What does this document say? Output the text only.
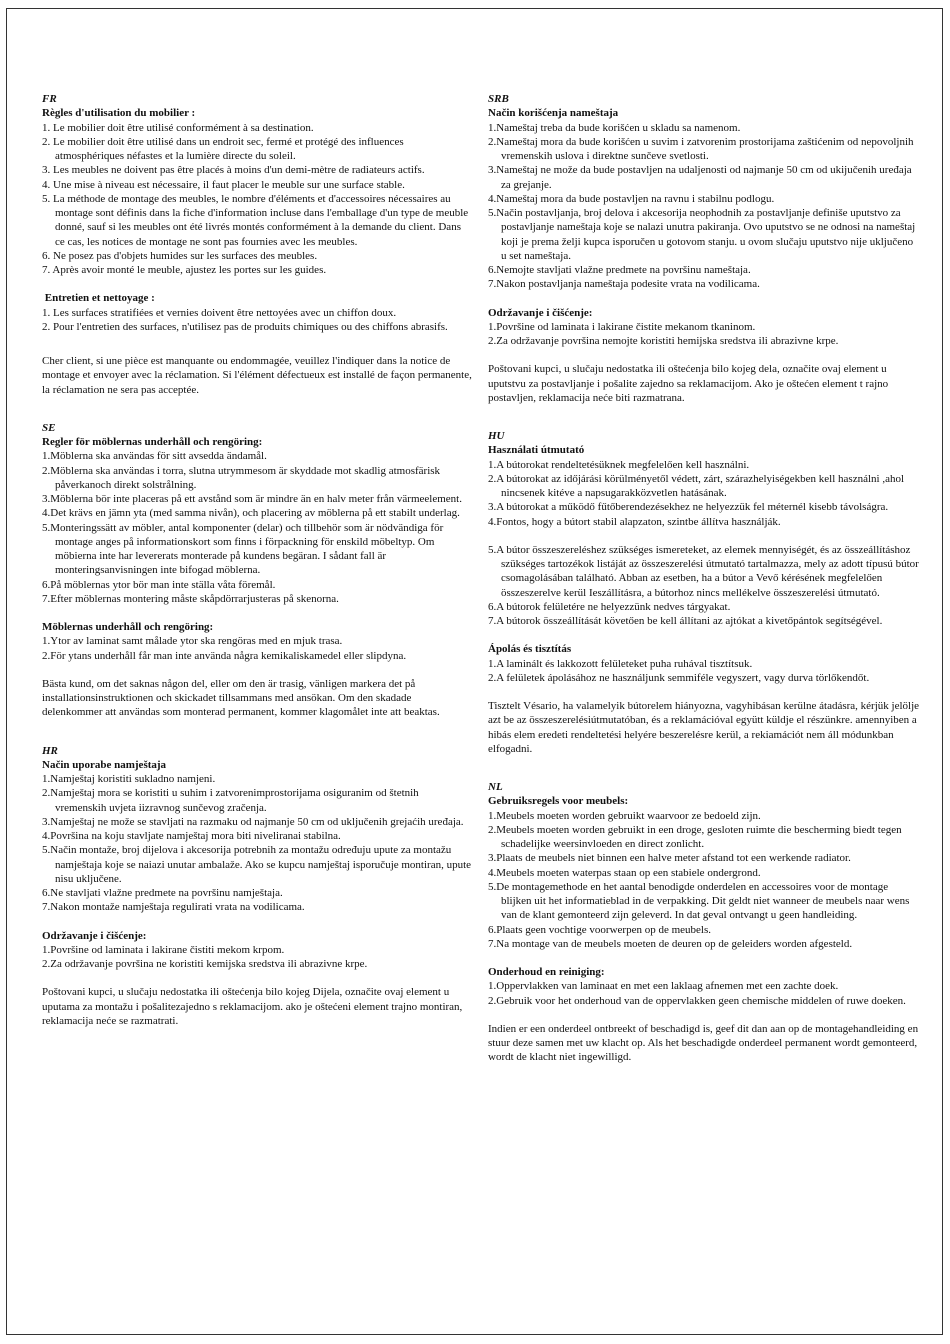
FR
Règles d'utilisation du mobilier :

1. Le mobilier doit être utilisé conformément à sa destination.

2. Le mobilier doit être utilisé dans un endroit sec, fermé et protégé des influences atmosphériques néfastes et la lumière directe du soleil.

3. Les meubles ne doivent pas être placés à moins d'un demi-mètre de radiateurs actifs.

4. Une mise à niveau est nécessaire, il faut placer le meuble sur une surface stable.

5. La méthode de montage des meubles, le nombre d'éléments et d'accessoires nécessaires au montage sont définis dans la fiche d'information incluse dans l'emballage d'un type de meuble donné, sauf si les meubles ont été livrés montés conformément à la demande du client. Dans ce cas, les notices de montage ne sont pas fournies avec les meubles.

6. Ne posez pas d'objets humides sur les surfaces des meubles.

7. Après avoir monté le meuble, ajustez les portes sur les guides.

Entretien et nettoyage :

1. Les surfaces stratifiées et vernies doivent être nettoyées avec un chiffon doux.

2. Pour l'entretien des surfaces, n'utilisez pas de produits chimiques ou des chiffons abrasifs.

Cher client, si une pièce est manquante ou endommagée, veuillez l'indiquer dans la notice de montage et envoyer avec la réclamation. Si l'élément défectueux est installé de façon permanente, la réclamation ne sera pas acceptée.

SE
Regler för möblernas underhåll och rengöring:

1.Möblerna ska användas för sitt avsedda ändamål.

2.Möblerna ska användas i torra, slutna utrymmesom är skyddade mot skadlig atmosfärisk påverkanoch direkt solstrålning.

3.Möblerna bör inte placeras på ett avstånd som är mindre än en halv meter från värmeelement.

4.Det krävs en jämn yta (med samma nivån), och placering av möblerna på ett stabilt underlag.

5.Monteringssätt av möbler, antal komponenter (delar) och tillbehör som är nödvändiga för montage anges på informationskort som finns i förpackning för enskild möbeltyp. Om möbierna inte har levererats monterade på kundens begäran. I sådant fall är monteringsanvisningen inte bifogad möblerna.

6.På möblernas ytor bör man inte ställa våta föremål.

7.Efter möblernas montering måste skåpdörrarjusteras på skenorna.

Möblernas underhåll och rengöring:

1.Ytor av laminat samt målade ytor ska rengöras med en mjuk trasa.

2.För ytans underhåll får man inte använda några kemikaliskamedel eller slipdyna.

Bästa kund, om det saknas någon del, eller om den är trasig, vänligen markera det på installationsinstruktionen och skickadet tillsammans med ansökan. Om den skadade delenkommer att användas som monterad permanent, kommer klagomålet inte att beaktas.

HR
Način uporabe namještaja

1.Namještaj koristiti sukladno namjeni.

2.Namještaj mora se koristiti u suhim i zatvorenimprostorijama osiguranim od štetnih vremenskih uvjeta iizravnog sunčevog zračenja.

3.Namještaj ne može se stavljati na razmaku od najmanje 50 cm od uključenih grejaćih uređaja.

4.Površina na koju stavljate namještaj mora biti niveliranai stabilna.

5.Način montaže, broj dijelova i akcesorija potrebnih za montažu određuju upute za montažu namještaja koje se naiazi unutar ambalaže. Ako se kupcu namještaj isporučuje montiran, upute nisu uključene.

6.Ne stavljati vlažne predmete na površinu namještaja.

7.Nakon montaže namještaja regulirati vrata na vodilicama.

Održavanje i čišćenje:

1.Površine od laminata i lakirane čistiti mekom krpom.

2.Za održavanje površina ne koristiti kemijska sredstva ili abrazivne krpe.

Poštovani kupci, u slučaju nedostatka ili oštećenja bilo kojeg Dijela, označite ovaj element u uputama za montažu i pošalitezajedno s reklamacijom. ako je oštećeni element trajno montiran, reklamacija neće se razmatrati.

SRB
Način korišćenja nameštaja

1.Nameštaj treba da bude korišćen u skladu sa namenom.

2.Nameštaj mora da bude korišćen u suvim i zatvorenim prostorijama zaštićenim od nepovoljnih vremenskih uslova i direktne sunčeve svetlosti.

3.Nameštaj ne može da bude postavljen na udaljenosti od najmanje 50 cm od ukijučenih uređaja za grejanje.

4.Nameštaj mora da bude postavljen na ravnu i stabilnu podlogu.

5.Način postavljanja, broj delova i akcesorija neophodnih za postavljanje definiše uputstvo za postavljanje nameštaja koje se nalazi unutra pakiranja. Ovo uputstvo se ne odnosi na nameštaj koji je prema želji kupca isporučen u gotovom stanju. u ovom slučaju uputstvo nije uključeno u set nameštaja.

6.Nemojte stavljati vlažne predmete na površinu nameštaja.

7.Nakon postavljanja nameštaja podesite vrata na vodilicama.

Održavanje i čišćenje:

1.Površine od laminata i lakirane čistite mekanom tkaninom.

2.Za održavanje površina nemojte koristiti hemijska sredstva ili abrazivne krpe.

Poštovani kupci, u slučaju nedostatka ili oštećenja bilo kojeg dela, označite ovaj element u uputstvu za postavljanje i pošalite zajedno sa reklamacijom. Ako je oštećen element t rajno postavljen, reklamacija neće biti razmatrana.

HU
Használati útmutató

1.A bútorokat rendeltetésüknek megfelelően kell használni.

2.A bútorokat az időjárási körülményetől védett, zárt, szárazhelyiségekben kell használni ,ahol nincsenek kitéve a napsugarakközvetlen hatásának.

3.A bútorokat a működő fűtőberendezésekhez ne helyezzük fel méternél kisebb távolságra.

4.Fontos, hogy a bútort stabil alapzaton, szintbe állítva használják.

5.A bútor összeszereléshez szükséges ismereteket, az elemek mennyiségét, és az összeállításhoz szükséges tartozékok listáját az összeszerelési útmutató tartalmazza, mely az adott típusú bútor csomagolásában található. Abban az esetben, ha a bútor a Vevő kérésének megfelelően összeszerelve kerül Ieszállításra, a bútorhoz nincs mellékelve összeszerelési útmutató.

6.A bútorok felületére ne helyezzünk nedves tárgyakat.

7.A bútorok összeállítását követően be kell állítani az ajtókat a kivetőpántok segítségével.

Ápolás és tisztítás

1.A laminált és lakkozott felületeket puha ruhával tisztítsuk.

2.A felületek ápolásához ne használjunk semmiféle vegyszert, vagy durva törlőkendőt.

Tisztelt Vésario, ha valamelyik bútorelem hiányozna, vagyhibásan kerülne átadásra, kérjük jelölje azt be az összeszerelésiútmutatóban, és a reklamációval együtt küldje el részünkre. amennyiben a hibás elem eredeti rendeltetési helyére beszerelésre kerül, a rekiamációt nem áll módunkban elfogadni.

NL
Gebruiksregels voor meubels:

1.Meubels moeten worden gebruikt waarvoor ze bedoeld zijn.

2.Meubels moeten worden gebruikt in een droge, gesloten ruimte die bescherming biedt tegen schadelijke weersinvloeden en direct zonlicht.

3.Plaats de meubels niet binnen een halve meter afstand tot een werkende radiator.

4.Meubels moeten waterpas staan op een stabiele ondergrond.

5.De montagemethode en het aantal benodigde onderdelen en accessoires voor de montage blijken uit het informatieblad in de verpakking. Dit geldt niet wanneer de meubels naar wens van de klant gemonteerd zijn geleverd. In dat geval ontvangt u geen handleiding.

6.Plaats geen vochtige voorwerpen op de meubels.

7.Na montage van de meubels moeten de deuren op de geleiders worden afgesteld.

Onderhoud en reiniging:

1.Oppervlakken van laminaat en met een laklaag afnemen met een zachte doek.

2.Gebruik voor het onderhoud van de oppervlakken geen chemische middelen of ruwe doeken.

Indien er een onderdeel ontbreekt of beschadigd is, geef dit dan aan op de montagehandleiding en stuur deze samen met uw klacht op. Als het beschadigde onderdeel permanent wordt gemonteerd, wordt de klacht niet ingewilligd.
